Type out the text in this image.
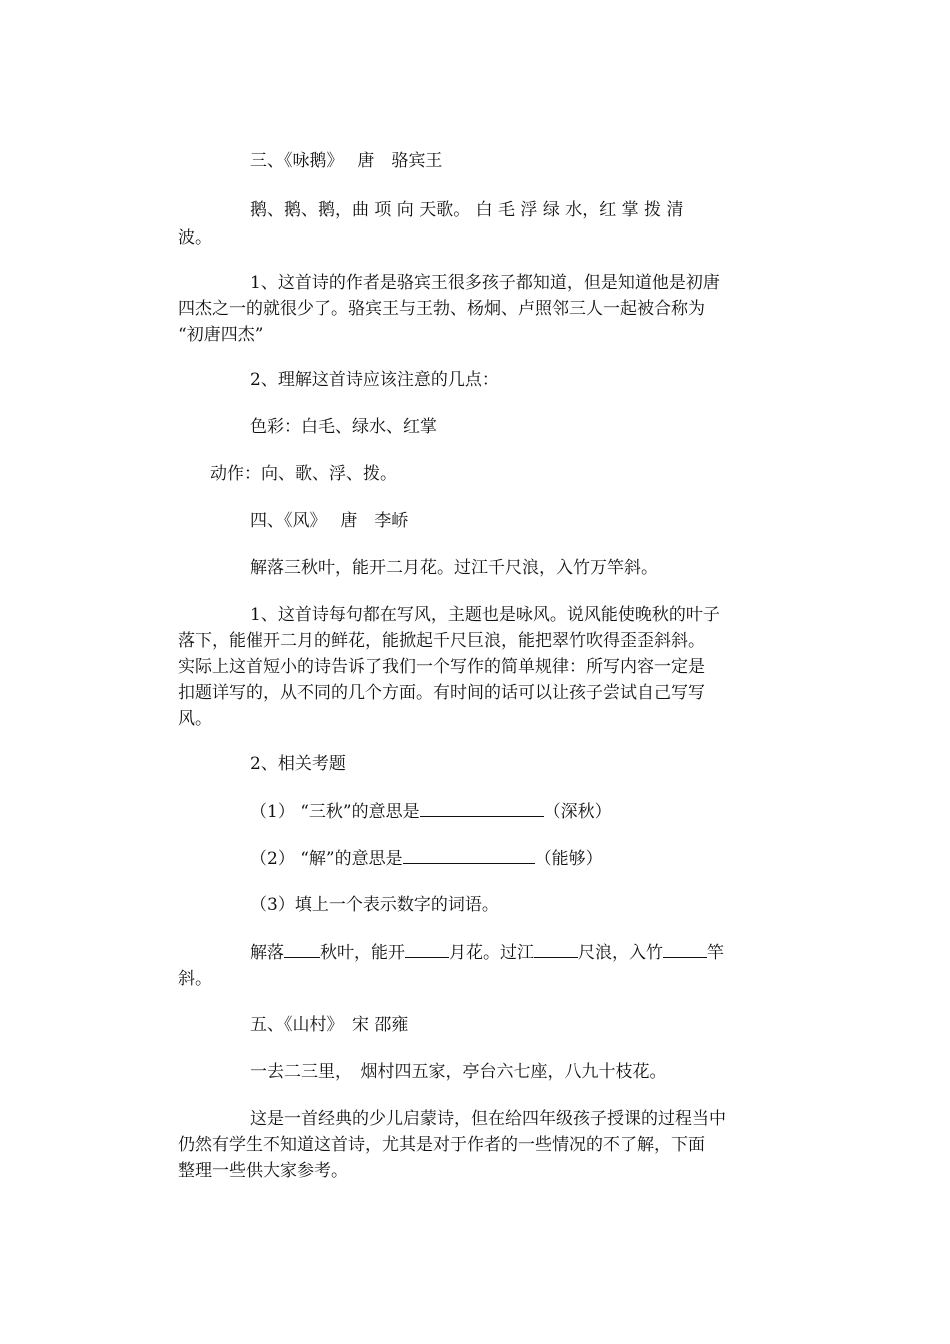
三、《咏鹅》　 唐　骆宾王

鹅、鹅、鹅，曲 项 向 天歌。 白 毛 浮 绿 水，红 掌 拨 清

波。

1、这首诗的作者是骆宾王很多孩子都知道，但是知道他是初唐

四杰之一的就很少了。骆宾王与王勃、杨炯、卢照邻三人一起被合称为

“初唐四杰”

2、理解这首诗应该注意的几点：

色彩：白毛、绿水、红掌

动作：向、歌、浮、拨。

四、《风》　 唐　李峤

解落三秋叶，能开二月花。过江千尺浪，入竹万竿斜。

1、这首诗每句都在写风，主题也是咏风。说风能使晚秋的叶子

落下，能催开二月的鲜花，能掀起千尺巨浪，能把翠竹吹得歪歪斜斜。

实际上这首短小的诗告诉了我们一个写作的简单规律：所写内容一定是

扣题详写的，从不同的几个方面。有时间的话可以让孩子尝试自己写写

风。

2、相关考题

（1） “三秋”的意思是	（深秋）

（2） “解”的意思是	（能够）

（3）填上一个表示数字的词语。

解落 秋叶，能开	月花。过江	尺浪，入竹	竿

斜。

五、《山村》　宋 邵雍

一去二三里，　烟村四五家，亭台六七座，八九十枝花。

这是一首经典的少儿启蒙诗，但在给四年级孩子授课的过程当中

仍然有学生不知道这首诗，尤其是对于作者的一些情况的不了解，下面

整理一些供大家参考。
